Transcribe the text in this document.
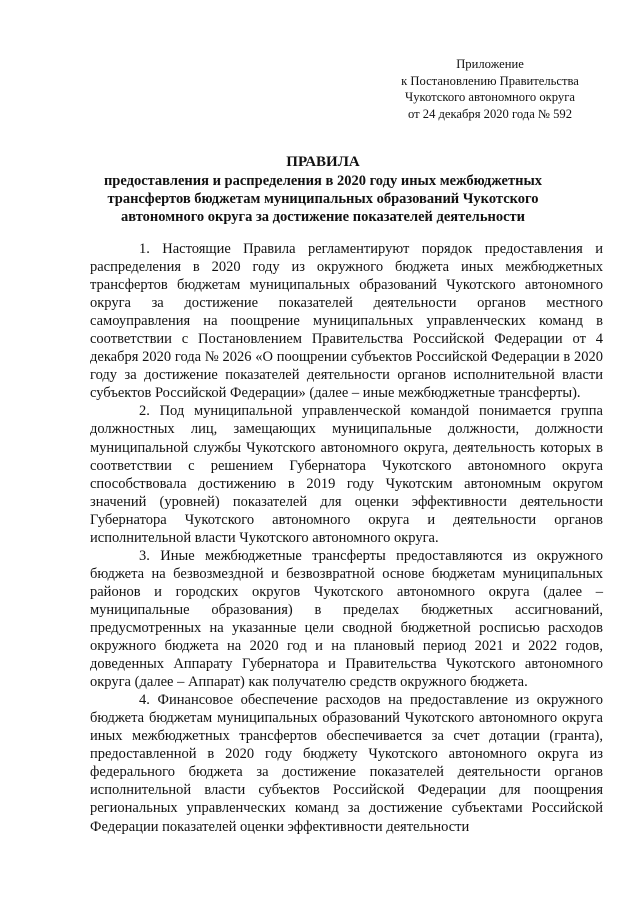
Приложение
к Постановлению Правительства
Чукотского автономного округа
от 24 декабря 2020 года № 592
ПРАВИЛА
предоставления и распределения в 2020 году иных межбюджетных
трансфертов бюджетам муниципальных образований Чукотского
автономного округа за достижение показателей деятельности

1. Настоящие Правила регламентируют порядок предоставления и распределения в 2020 году из окружного бюджета иных межбюджетных трансфертов бюджетам муниципальных образований Чукотского автономного округа за достижение показателей деятельности органов местного самоуправления на поощрение муниципальных управленческих команд в соответствии с Постановлением Правительства Российской Федерации от 4 декабря 2020 года № 2026 «О поощрении субъектов Российской Федерации в 2020 году за достижение показателей деятельности органов исполнительной власти субъектов Российской Федерации» (далее – иные межбюджетные трансферты).

2. Под муниципальной управленческой командой понимается группа должностных лиц, замещающих муниципальные должности, должности муниципальной службы Чукотского автономного округа, деятельность которых в соответствии с решением Губернатора Чукотского автономного округа способствовала достижению в 2019 году Чукотским автономным округом значений (уровней) показателей для оценки эффективности деятельности Губернатора Чукотского автономного округа и деятельности органов исполнительной власти Чукотского автономного округа.

3. Иные межбюджетные трансферты предоставляются из окружного бюджета на безвозмездной и безвозвратной основе бюджетам муниципальных районов и городских округов Чукотского автономного округа (далее – муниципальные образования) в пределах бюджетных ассигнований, предусмотренных на указанные цели сводной бюджетной росписью расходов окружного бюджета на 2020 год и на плановый период 2021 и 2022 годов, доведенных Аппарату Губернатора и Правительства Чукотского автономного округа (далее – Аппарат) как получателю средств окружного бюджета.

4. Финансовое обеспечение расходов на предоставление из окружного бюджета бюджетам муниципальных образований Чукотского автономного округа иных межбюджетных трансфертов обеспечивается за счет дотации (гранта), предоставленной в 2020 году бюджету Чукотского автономного округа из федерального бюджета за достижение показателей деятельности органов исполнительной власти субъектов Российской Федерации для поощрения региональных управленческих команд за достижение субъектами Российской Федерации показателей оценки эффективности деятельности
